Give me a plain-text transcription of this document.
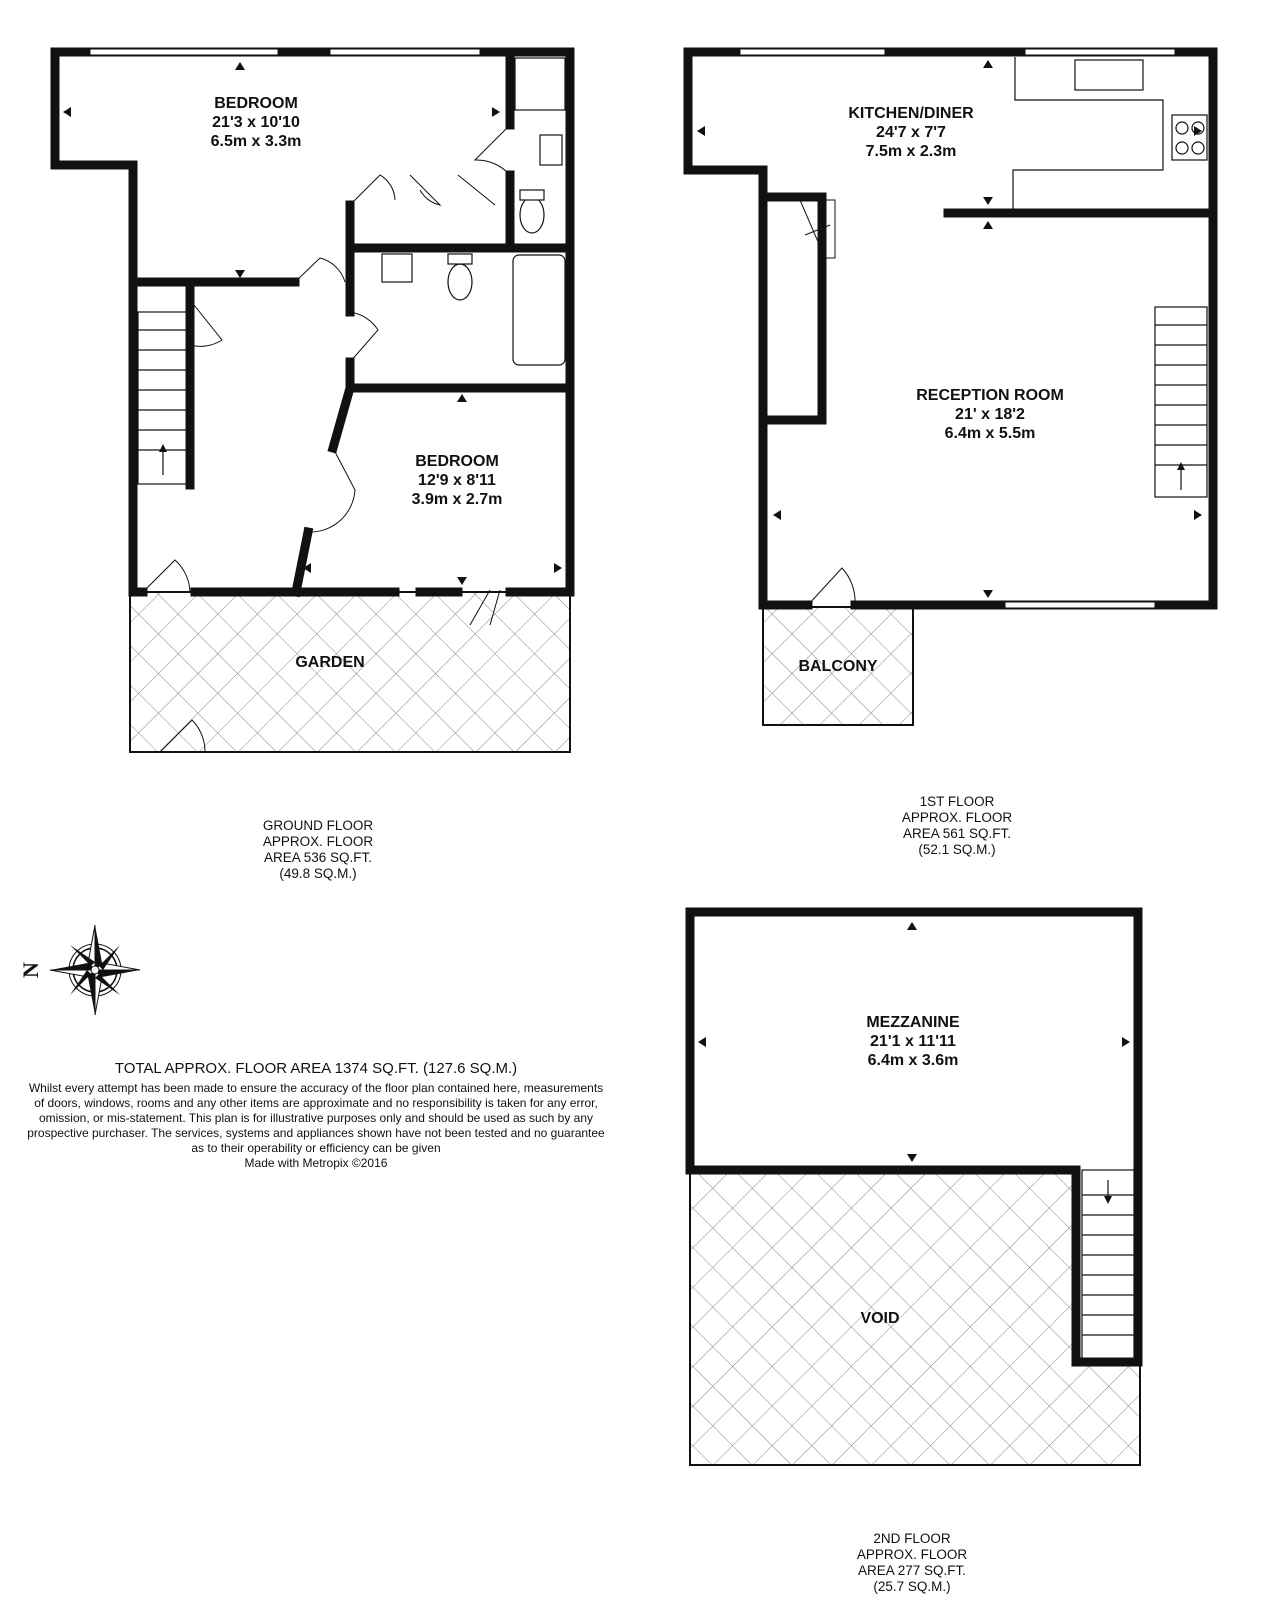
N
BEDROOM
21'3 x 10'10
6.5m x 3.3m
BEDROOM
12'9 x 8'11
3.9m x 2.7m
GARDEN
KITCHEN/DINER
24'7 x 7'7
7.5m x 2.3m
RECEPTION ROOM
21' x 18'2
6.4m x 5.5m
BALCONY
MEZZANINE
21'1 x 11'11
6.4m x 3.6m
VOID
GROUND FLOOR
APPROX. FLOOR
AREA 536 SQ.FT.
(49.8 SQ.M.)
1ST FLOOR
APPROX. FLOOR
AREA 561 SQ.FT.
(52.1 SQ.M.)
2ND FLOOR
APPROX. FLOOR
AREA 277 SQ.FT.
(25.7 SQ.M.)
TOTAL APPROX. FLOOR AREA 1374 SQ.FT. (127.6 SQ.M.)
Whilst every attempt has been made to ensure the accuracy of the floor plan contained here, measurements
of doors, windows, rooms and any other items are approximate and no responsibility is taken for any error,
omission, or mis-statement. This plan is for illustrative purposes only and should be used as such by any
prospective purchaser. The services, systems and appliances shown have not been tested and no guarantee
as to their operability or efficiency can be given
Made with Metropix ©2016
